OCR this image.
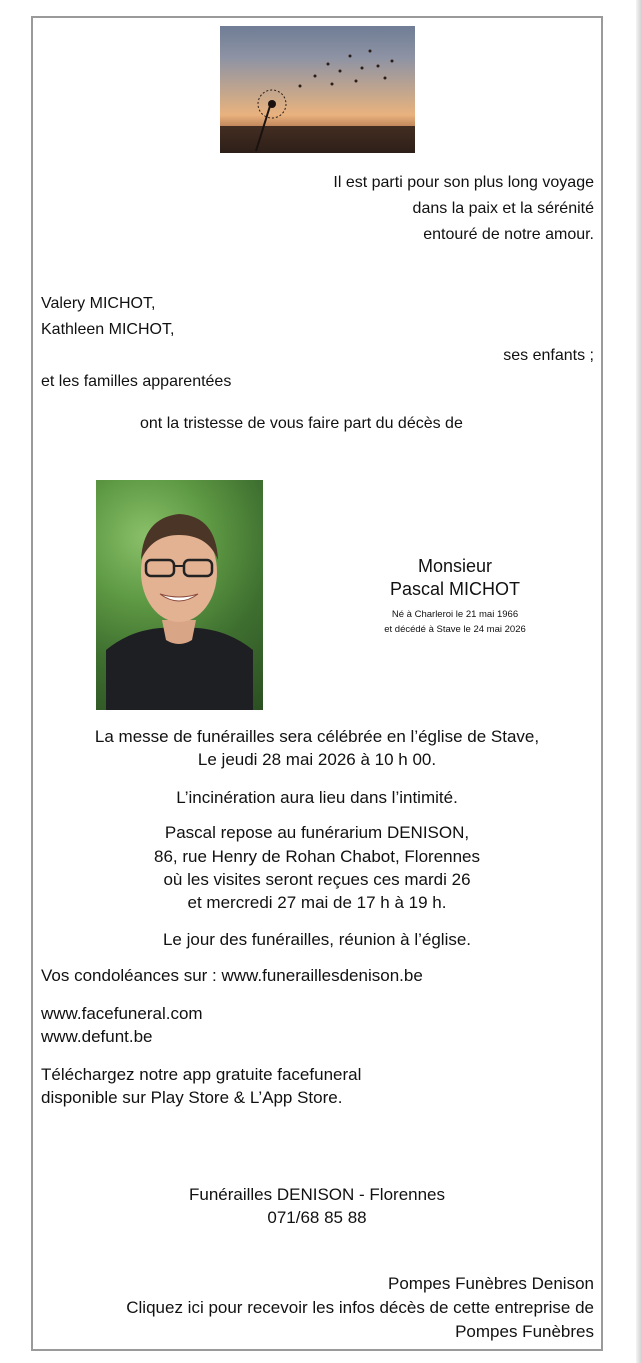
Il est parti pour son plus long voyage
dans la paix et la sérénité
entouré de notre amour.
Valery MICHOT,
Kathleen MICHOT,
ses enfants ;
et les familles apparentées
ont la tristesse de vous faire part du décès de
Monsieur
Pascal MICHOT
Né à Charleroi le 21 mai 1966
et décédé à Stave le 24 mai 2026
La messe de funérailles sera célébrée en l’église de Stave,
Le jeudi 28 mai 2026 à 10 h 00.
L’incinération aura lieu dans l’intimité.
Pascal repose au funérarium DENISON,
86, rue Henry de Rohan Chabot, Florennes
où les visites seront reçues ces mardi 26
et mercredi 27 mai de 17 h à 19 h.
Le jour des funérailles, réunion à l’église.
Vos condoléances sur : www.funeraillesdenison.be
www.facefuneral.com
www.defunt.be
Téléchargez notre app gratuite facefuneral
disponible sur Play Store & L’App Store.
Funérailles DENISON - Florennes
071/68 85 88
Pompes Funèbres Denison
Cliquez ici pour recevoir les infos décès de cette entreprise de
Pompes Funèbres
